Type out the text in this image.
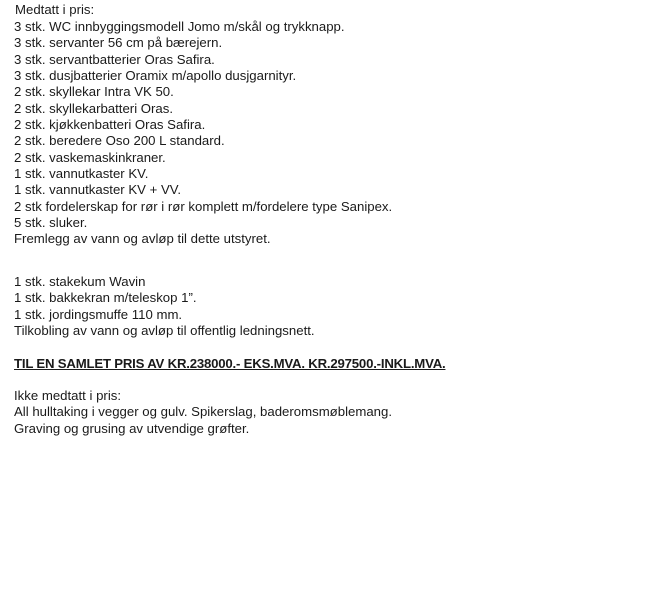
Medtatt i pris:
3 stk. WC innbyggingsmodell Jomo m/skål og trykknapp.
3 stk. servanter 56 cm på bærejern.
3 stk. servantbatterier Oras Safira.
3 stk. dusjbatterier Oramix m/apollo dusjgarnityr.
2 stk. skyllekar Intra VK 50.
2 stk. skyllekarbatteri Oras.
2 stk. kjøkkenbatteri Oras Safira.
2 stk. beredere Oso 200 L standard.
2 stk. vaskemaskinkraner.
1 stk. vannutkaster KV.
1 stk. vannutkaster KV + VV.
2 stk fordelerskap for rør i rør komplett m/fordelere type Sanipex.
5 stk. sluker.
Fremlegg av vann og avløp til dette utstyret.
1 stk. stakekum Wavin
1 stk. bakkekran m/teleskop 1”.
1 stk. jordingsmuffe 110 mm.
Tilkobling av vann og avløp til offentlig ledningsnett.
TIL EN SAMLET PRIS AV KR.238000.- EKS.MVA. KR.297500.-INKL.MVA.
Ikke medtatt i pris:
All hulltaking i vegger og gulv. Spikerslag, baderomsmøblemang.
Graving og grusing av utvendige grøfter.
